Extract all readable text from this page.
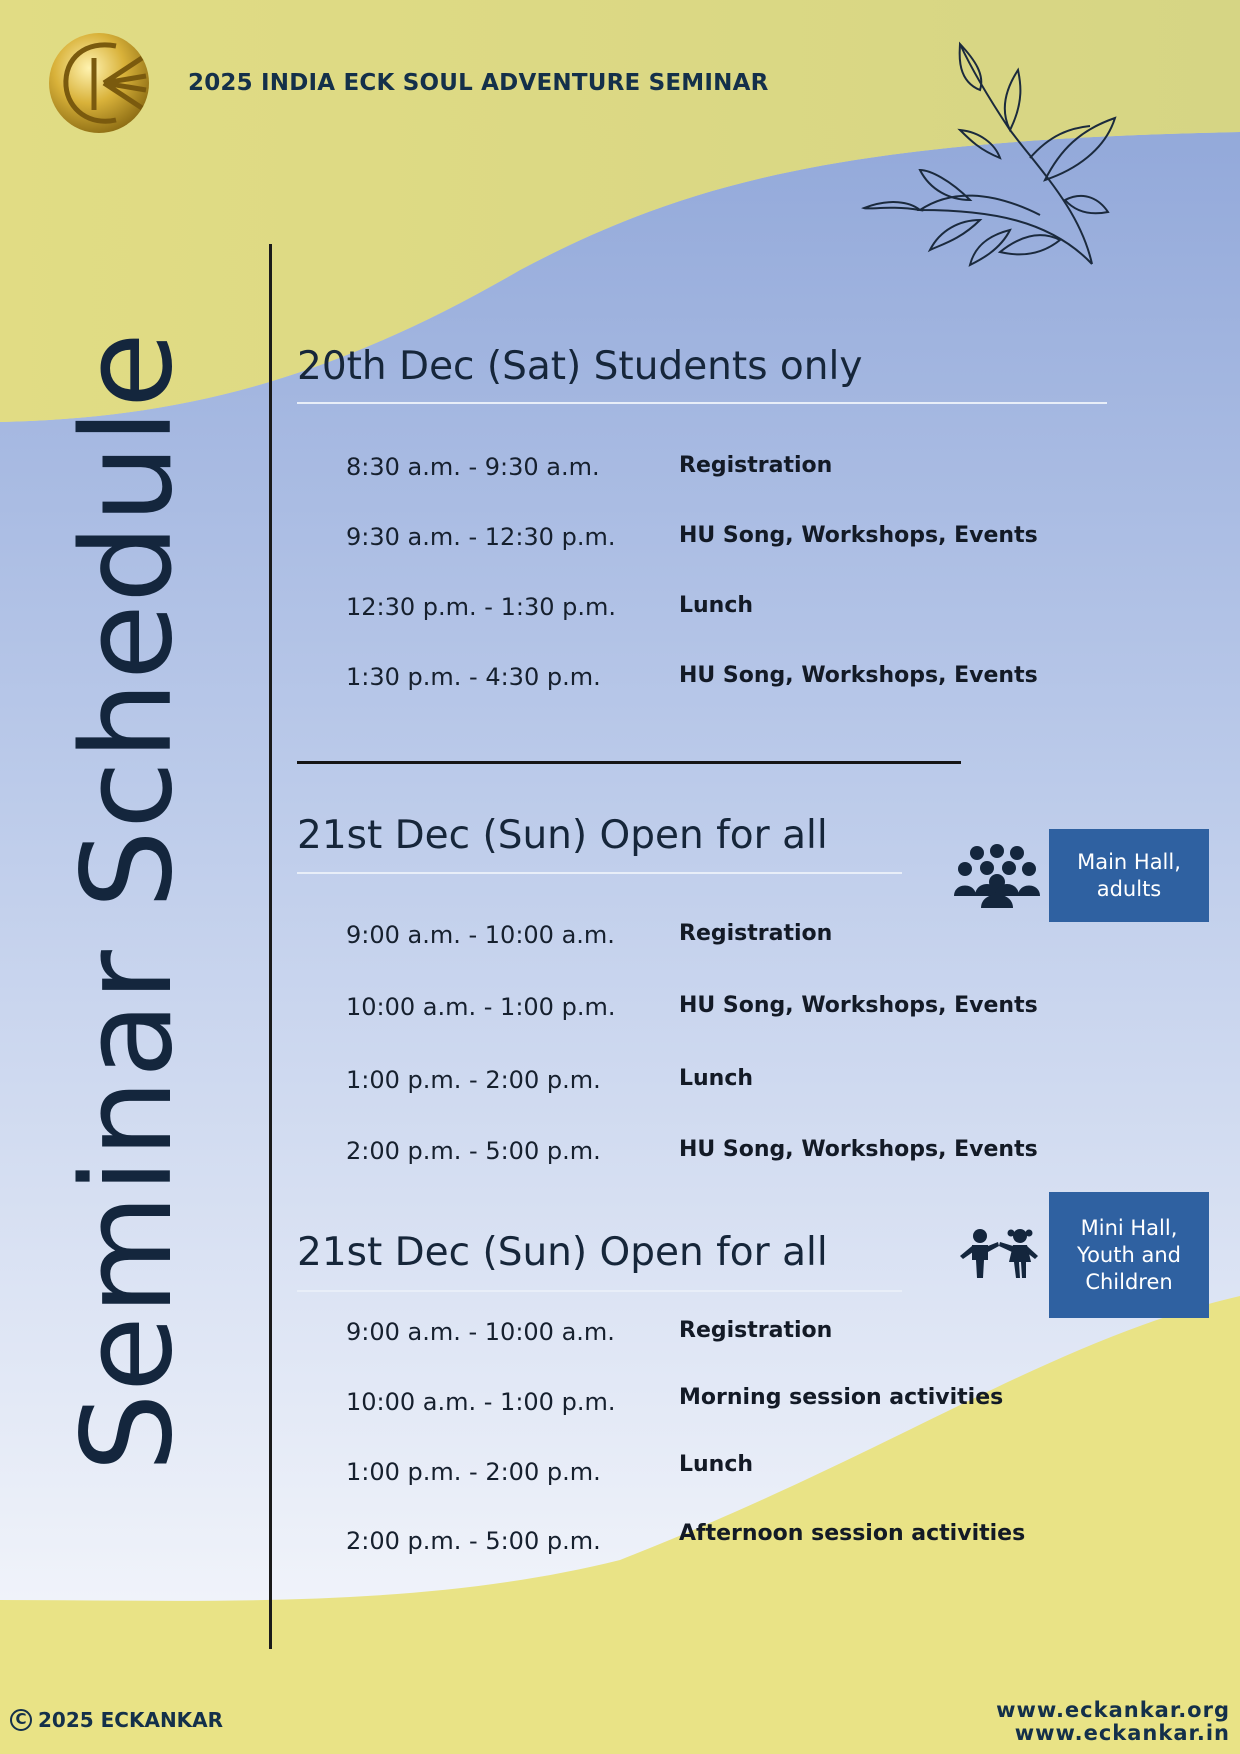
2025 INDIA ECK SOUL ADVENTURE SEMINAR
Seminar Schedule	20th Dec (Sat) Students only
8:30 a.m. - 9:30 a.m.	Registration
9:30 a.m. - 12:30 p.m.	HU Song, Workshops, Events
12:30 p.m. - 1:30 p.m.	Lunch
1:30 p.m. - 4:30 p.m.	HU Song, Workshops, Events
21st Dec (Sun) Open for all
Main Hall, adults
9:00 a.m. - 10:00 a.m.	Registration
10:00 a.m. - 1:00 p.m.	HU Song, Workshops, Events
1:00 p.m. - 2:00 p.m.	Lunch
2:00 p.m. - 5:00 p.m.	HU Song, Workshops, Events
21st Dec (Sun) Open for all
Mini Hall, Youth and Children
9:00 a.m. - 10:00 a.m.	Registration
10:00 a.m. - 1:00 p.m.	Morning session activities
1:00 p.m. - 2:00 p.m.	Lunch
2:00 p.m. - 5:00 p.m.	Afternoon session activities
C 2025 ECKANKAR	www.eckankar.org
www.eckankar.in
